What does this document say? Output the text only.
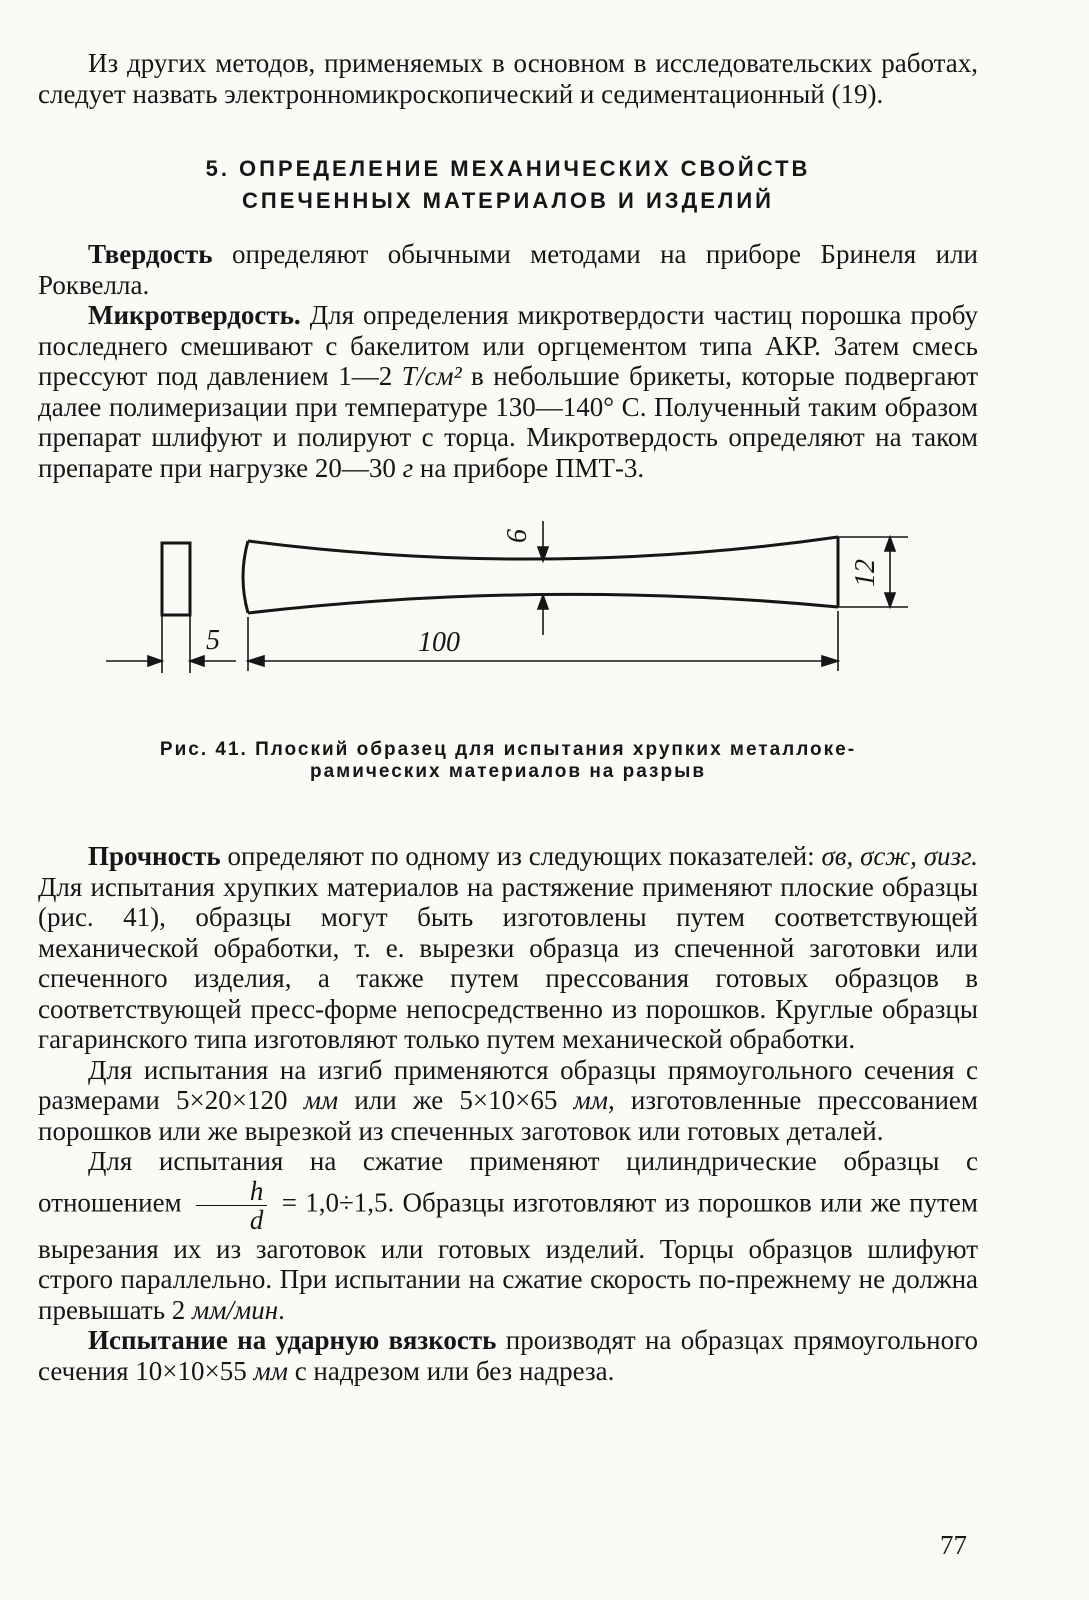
Из других методов, применяемых в основном в исследовательских работах, следует назвать электронномикроскопический и седиментационный (19).

5. ОПРЕДЕЛЕНИЕ МЕХАНИЧЕСКИХ СВОЙСТВ
СПЕЧЕННЫХ МАТЕРИАЛОВ И ИЗДЕЛИЙ

Твердость определяют обычными методами на приборе Бринеля или Роквелла.

Микротвердость. Для определения микротвердости частиц порошка пробу последнего смешивают с бакелитом или оргцементом типа АКР. Затем смесь прессуют под давлением 1—2 Т/см² в небольшие брикеты, которые подвергают далее полимеризации при температуре 130—140° С. Полученный таким образом препарат шлифуют и полируют с торца. Микротвердость определяют на таком препарате при нагрузке 20—30 г на приборе ПМТ-3.

5	100
12
6
Рис. 41. Плоский образец для испытания хрупких металлоке-
рамических материалов на разрыв

Прочность определяют по одному из следующих показателей: σв, σсж, σизг. Для испытания хрупких материалов на растяжение применяют плоские образцы (рис. 41), образцы могут быть изготовлены путем соответствующей механической обработки, т. е. вырезки образца из спеченной заготовки или спеченного изделия, а также путем прессования готовых образцов в соответствующей пресс-форме непосредственно из порошков. Круглые образцы гагаринского типа изготовляют только путем механической обработки.

Для испытания на изгиб применяются образцы прямоугольного сечения с размерами 5×20×120 мм или же 5×10×65 мм, изготовленные прессованием порошков или же вырезкой из спеченных заготовок или готовых деталей.

Для испытания на сжатие применяют цилиндрические образцы с отношением $\frac{h}{d} = 1,0\div 1,5$. Образцы изготовляют из порошков или же путем вырезания их из заготовок или готовых изделий. Торцы образцов шлифуют строго параллельно. При испытании на сжатие скорость по-прежнему не должна превышать 2 мм/мин.

Испытание на ударную вязкость производят на образцах прямоугольного сечения 10×10×55 мм с надрезом или без надреза.

77
